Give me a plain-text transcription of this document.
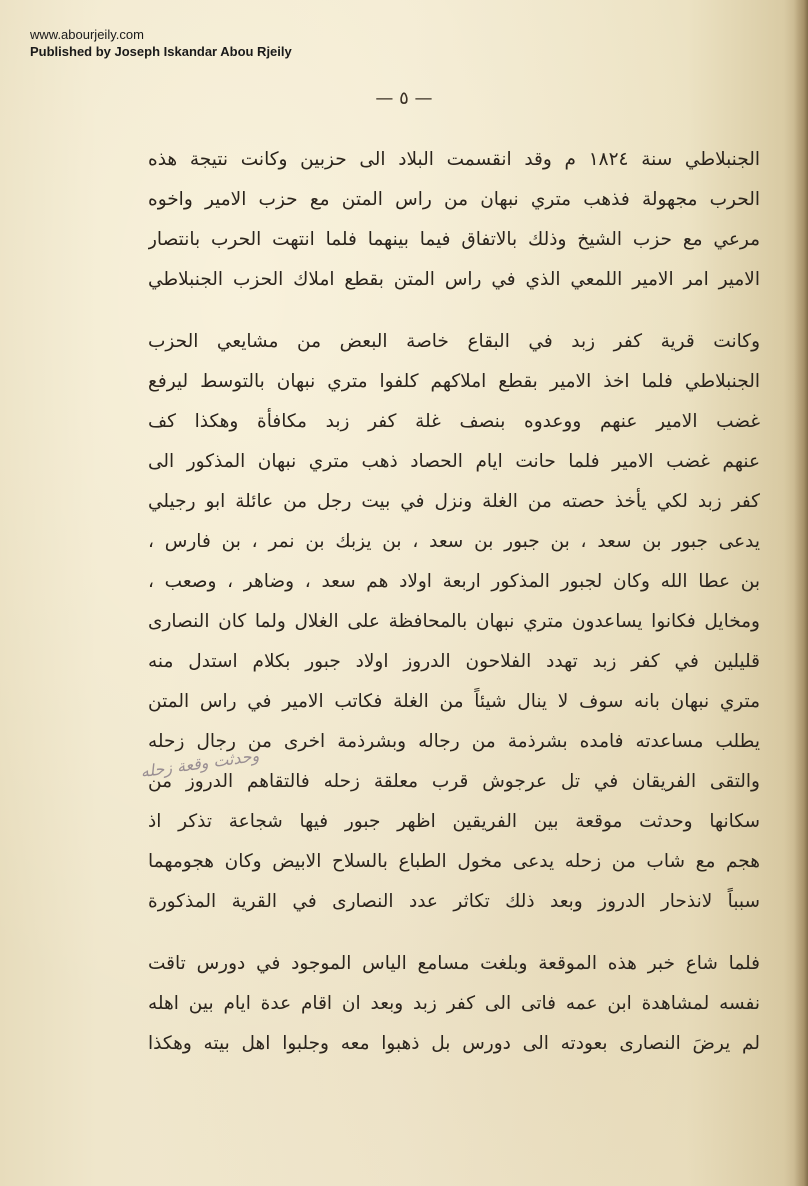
www.abourjeily.com
Published by Joseph Iskandar Abou Rjeily
— ٥ —
الجنبلاطي سنة ١٨٢٤ م وقد انقسمت البلاد الى حزبين وكانت نتيجة هذه
الحرب مجهولة فذهب متري نبهان من راس المتن مع حزب الامير واخوه
مرعي مع حزب الشيخ وذلك بالاتفاق فيما بينهما فلما انتهت الحرب بانتصار
الامير امر الامير اللمعي الذي في راس المتن بقطع املاك الحزب الجنبلاطي
وكانت قرية كفر زبد في البقاع خاصة البعض من مشايعي الحزب
الجنبلاطي فلما اخذ الامير بقطع املاكهم كلفوا متري نبهان بالتوسط ليرفع
غضب الامير عنهم ووعدوه بنصف غلة كفر زبد مكافأة وهكذا كف
عنهم غضب الامير فلما حانت ايام الحصاد ذهب متري نبهان المذكور الى
كفر زبد لكي يأخذ حصته من الغلة ونزل في بيت رجل من عائلة ابو رجيلي
يدعى جبور بن سعد ، بن جبور بن سعد ، بن يزبك بن نمر ، بن فارس ،
بن عطا الله وكان لجبور المذكور اربعة اولاد هم سعد ، وضاهر ، وصعب ،
ومخايل فكانوا يساعدون متري نبهان بالمحافظة على الغلال ولما كان النصارى
قليلين في كفر زبد تهدد الفلاحون الدروز اولاد جبور بكلام استدل منه
متري نبهان بانه سوف لا ينال شيئاً من الغلة فكاتب الامير في راس المتن
يطلب مساعدته فامده بشرذمة من رجاله وبشرذمة اخرى من رجال زحله
والتقى الفريقان في تل عرجوش قرب معلقة زحله فالتقاهم الدروز من
سكانها وحدثت موقعة بين الفريقين اظهر جبور فيها شجاعة تذكر اذ
هجم مع شاب من زحله يدعى مخول الطباع بالسلاح الابيض وكان هجومهما
سبباً لانذحار الدروز وبعد ذلك تكاثر عدد النصارى في القرية المذكورة
فلما شاع خبر هذه الموقعة وبلغت مسامع الياس الموجود في دورس تاقت
نفسه لمشاهدة ابن عمه فاتى الى كفر زبد وبعد ان اقام عدة ايام بين اهله
لم يرضَ النصارى بعودته الى دورس بل ذهبوا معه وجلبوا اهل بيته وهكذا
وحدثت وقعة زحله
